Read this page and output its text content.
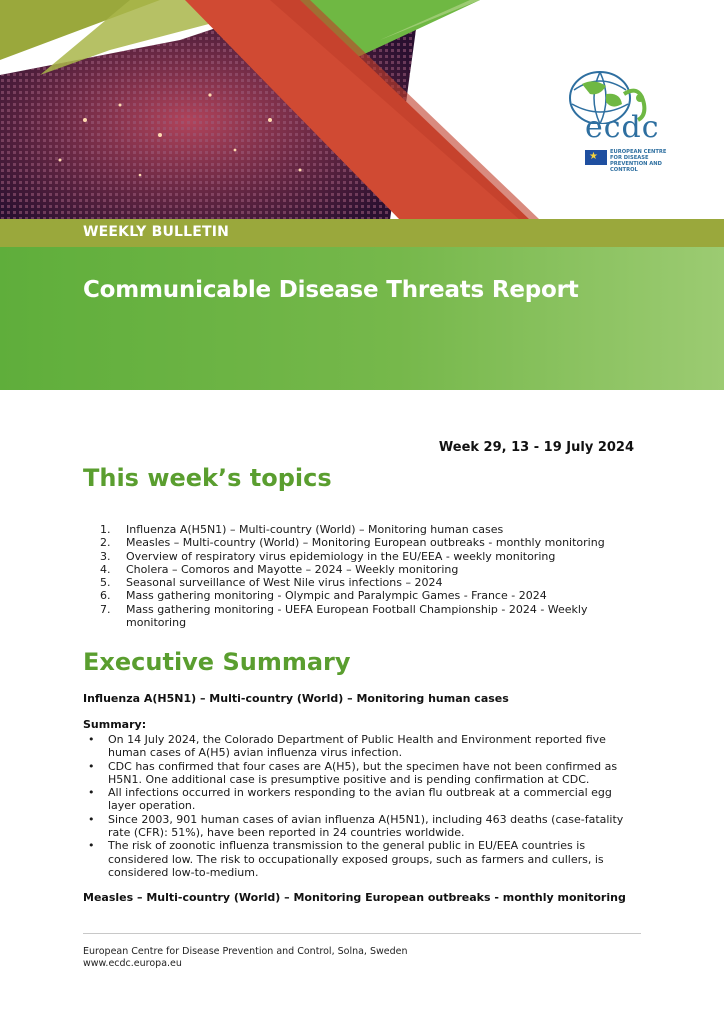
ecdc
★ EUROPEAN CENTRE FOR DISEASE PREVENTION AND CONTROL
WEEKLY BULLETIN
Communicable Disease Threats Report
Week 29, 13 - 19 July 2024
This week’s topics
1.	Influenza A(H5N1) – Multi-country (World) – Monitoring human cases
2.	Measles – Multi-country (World) – Monitoring European outbreaks - monthly monitoring
3.	Overview of respiratory virus epidemiology in the EU/EEA - weekly monitoring
4.	Cholera – Comoros and Mayotte – 2024 – Weekly monitoring
5.	Seasonal surveillance of West Nile virus infections – 2024
6.	Mass gathering monitoring - Olympic and Paralympic Games - France - 2024
7.	Mass gathering monitoring - UEFA European Football Championship - 2024 - Weekly monitoring
Executive Summary
Influenza A(H5N1) – Multi-country (World) – Monitoring human cases
Summary:
•	On 14 July 2024, the Colorado Department of Public Health and Environment reported five human cases of A(H5) avian influenza virus infection.
•	CDC has confirmed that four cases are A(H5), but the specimen have not been confirmed as H5N1. One additional case is presumptive positive and is pending confirmation at CDC.
•	All infections occurred in workers responding to the avian flu outbreak at a commercial egg layer operation.
•	Since 2003, 901 human cases of avian influenza A(H5N1), including 463 deaths (case-fatality rate (CFR): 51%), have been reported in 24 countries worldwide.
•	The risk of zoonotic influenza transmission to the general public in EU/EEA countries is considered low. The risk to occupationally exposed groups, such as farmers and cullers, is considered low-to-medium.
Measles – Multi-country (World) – Monitoring European outbreaks - monthly monitoring
European Centre for Disease Prevention and Control, Solna, Sweden
www.ecdc.europa.eu
